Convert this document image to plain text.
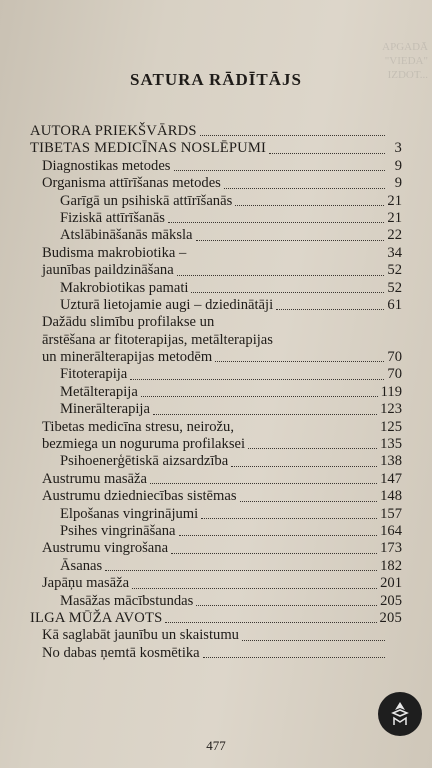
APGADĀ "VIEDA" IZDOT...
SATURA RĀDĪTĀJS
AUTORA PRIEKŠVĀRDS
TIBETAS MEDICĪNAS NOSLĒPUMI	3
Diagnostikas metodes	9
Organisma attīrīšanas metodes	9
Garīgā un psihiskā attīrīšanās	21
Fiziskā attīrīšanās	21
Atslābināšanās māksla	22
Budisma makrobiotika –	34
jaunības paildzināšana	52
Makrobiotikas pamati	52
Uzturā lietojamie augi – dziedinātāji	61
Dažādu slimību profilakse un
ārstēšana ar fitoterapijas, metālterapijas
un minerālterapijas metodēm	70
Fitoterapija	70
Metālterapija	119
Minerālterapija	123
Tibetas medicīna stresu, neirožu,	125
bezmiega un noguruma profilaksei	135
Psihoenerģētiskā aizsardzība	138
Austrumu masāža	147
Austrumu dziedniecības sistēmas	148
Elpošanas vingrinājumi	157
Psihes vingrināšana	164
Austrumu vingrošana	173
Āsanas	182
Japāņu masāža	201
Masāžas mācībstundas	205
ILGA MŪŽA AVOTS	205
Kā saglabāt jaunību un skaistumu
No dabas ņemtā kosmētika
477
